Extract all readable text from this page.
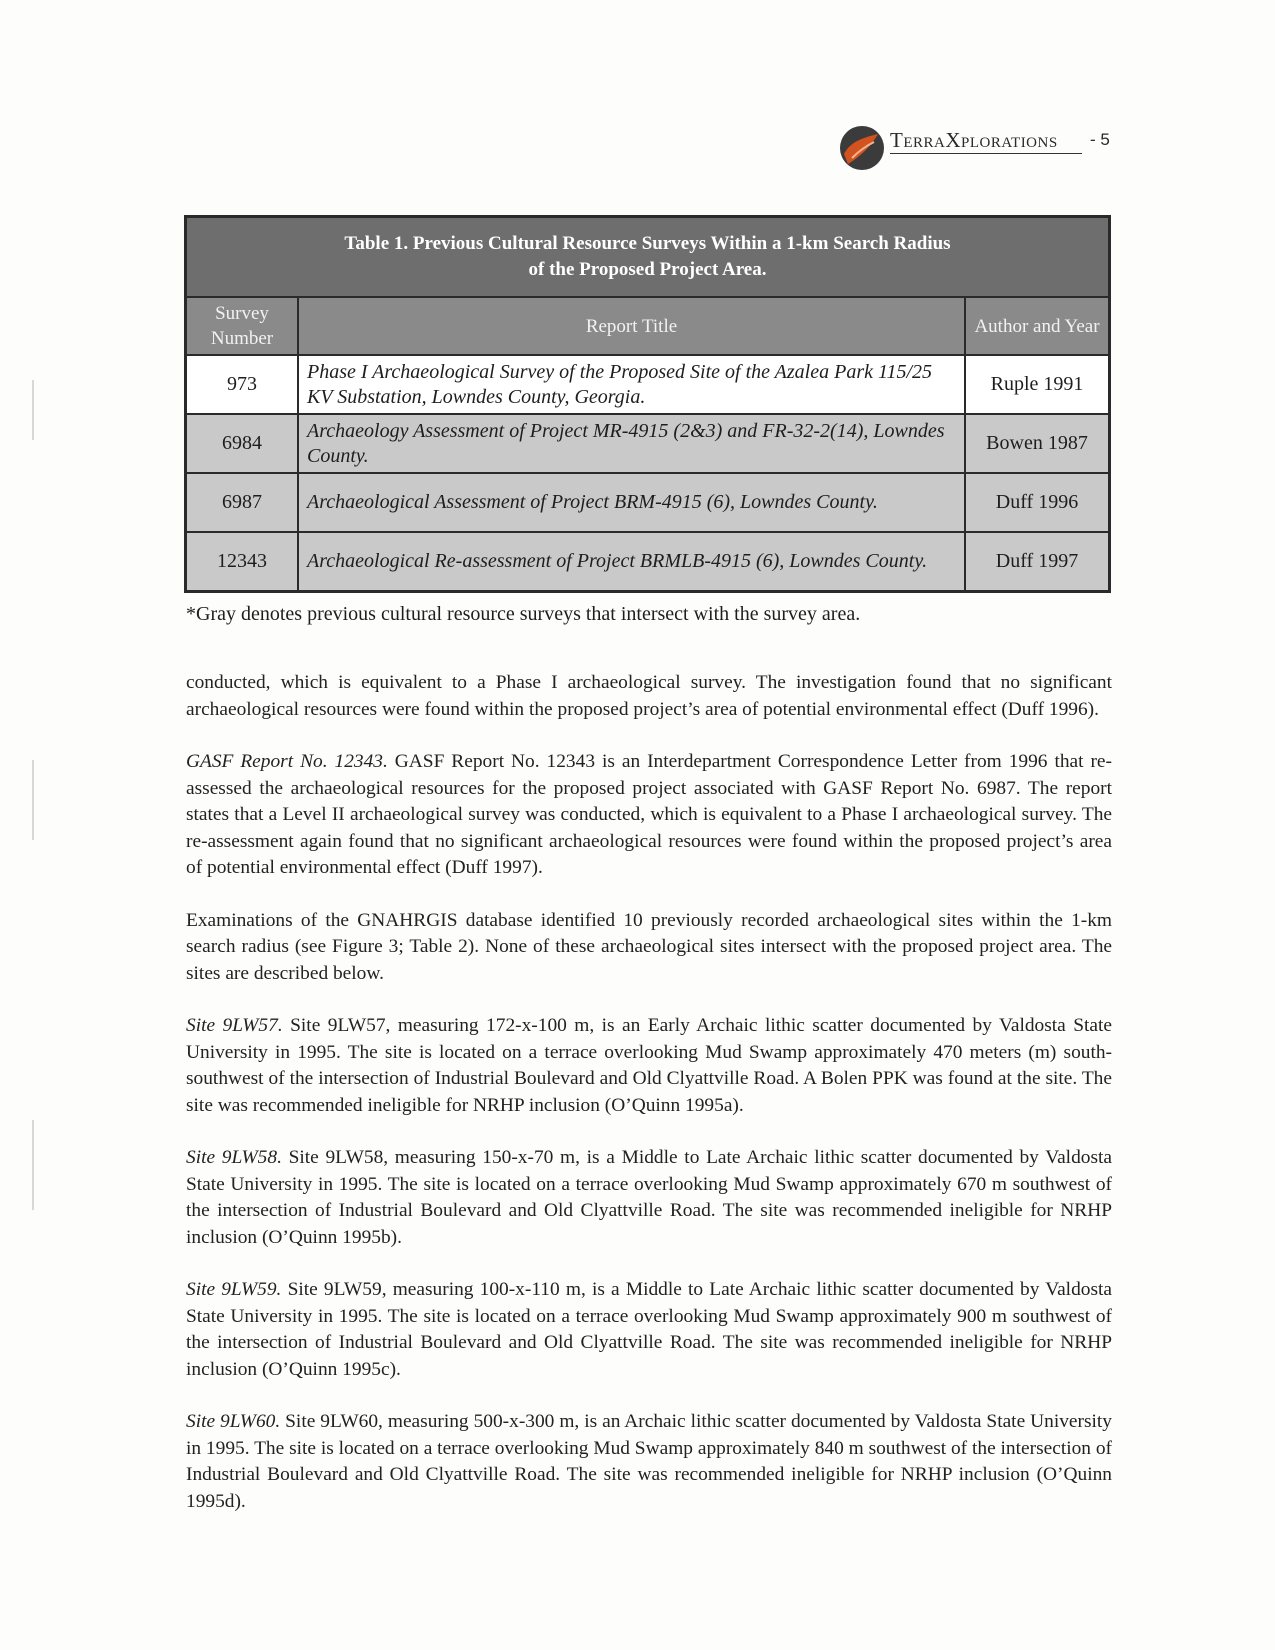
TERRAXPLORATIONS - 5
Table 1. Previous Cultural Resource Surveys Within a 1-km Search Radius
of the Proposed Project Area.		
Survey Number	Report Title	Author and Year
973	Phase I Archaeological Survey of the Proposed Site of the Azalea Park 115/25 KV Substation, Lowndes County, Georgia.	Ruple 1991
6984	Archaeology Assessment of Project MR-4915 (2&3) and FR-32-2(14), Lowndes County.	Bowen 1987
6987	Archaeological Assessment of Project BRM-4915 (6), Lowndes County.	Duff 1996
12343	Archaeological Re-assessment of Project BRMLB-4915 (6), Lowndes County.	Duff 1997
*Gray denotes previous cultural resource surveys that intersect with the survey area.

conducted, which is equivalent to a Phase I archaeological survey. The investigation found that no significant archaeological resources were found within the proposed project’s area of potential environmental effect (Duff 1996).

GASF Report No. 12343. GASF Report No. 12343 is an Interdepartment Correspondence Letter from 1996 that re-assessed the archaeological resources for the proposed project associated with GASF Report No. 6987. The report states that a Level II archaeological survey was conducted, which is equivalent to a Phase I archaeological survey. The re-assessment again found that no significant archaeological resources were found within the proposed project’s area of potential environmental effect (Duff 1997).

Examinations of the GNAHRGIS database identified 10 previously recorded archaeological sites within the 1-km search radius (see Figure 3; Table 2). None of these archaeological sites intersect with the proposed project area. The sites are described below.

Site 9LW57. Site 9LW57, measuring 172-x-100 m, is an Early Archaic lithic scatter documented by Valdosta State University in 1995. The site is located on a terrace overlooking Mud Swamp approximately 470 meters (m) south-southwest of the intersection of Industrial Boulevard and Old Clyattville Road. A Bolen PPK was found at the site. The site was recommended ineligible for NRHP inclusion (O’Quinn 1995a).

Site 9LW58. Site 9LW58, measuring 150-x-70 m, is a Middle to Late Archaic lithic scatter documented by Valdosta State University in 1995. The site is located on a terrace overlooking Mud Swamp approximately 670 m southwest of the intersection of Industrial Boulevard and Old Clyattville Road. The site was recommended ineligible for NRHP inclusion (O’Quinn 1995b).

Site 9LW59. Site 9LW59, measuring 100-x-110 m, is a Middle to Late Archaic lithic scatter documented by Valdosta State University in 1995. The site is located on a terrace overlooking Mud Swamp approximately 900 m southwest of the intersection of Industrial Boulevard and Old Clyattville Road. The site was recommended ineligible for NRHP inclusion (O’Quinn 1995c).

Site 9LW60. Site 9LW60, measuring 500-x-300 m, is an Archaic lithic scatter documented by Valdosta State University in 1995. The site is located on a terrace overlooking Mud Swamp approximately 840 m southwest of the intersection of Industrial Boulevard and Old Clyattville Road. The site was recommended ineligible for NRHP inclusion (O’Quinn 1995d).
